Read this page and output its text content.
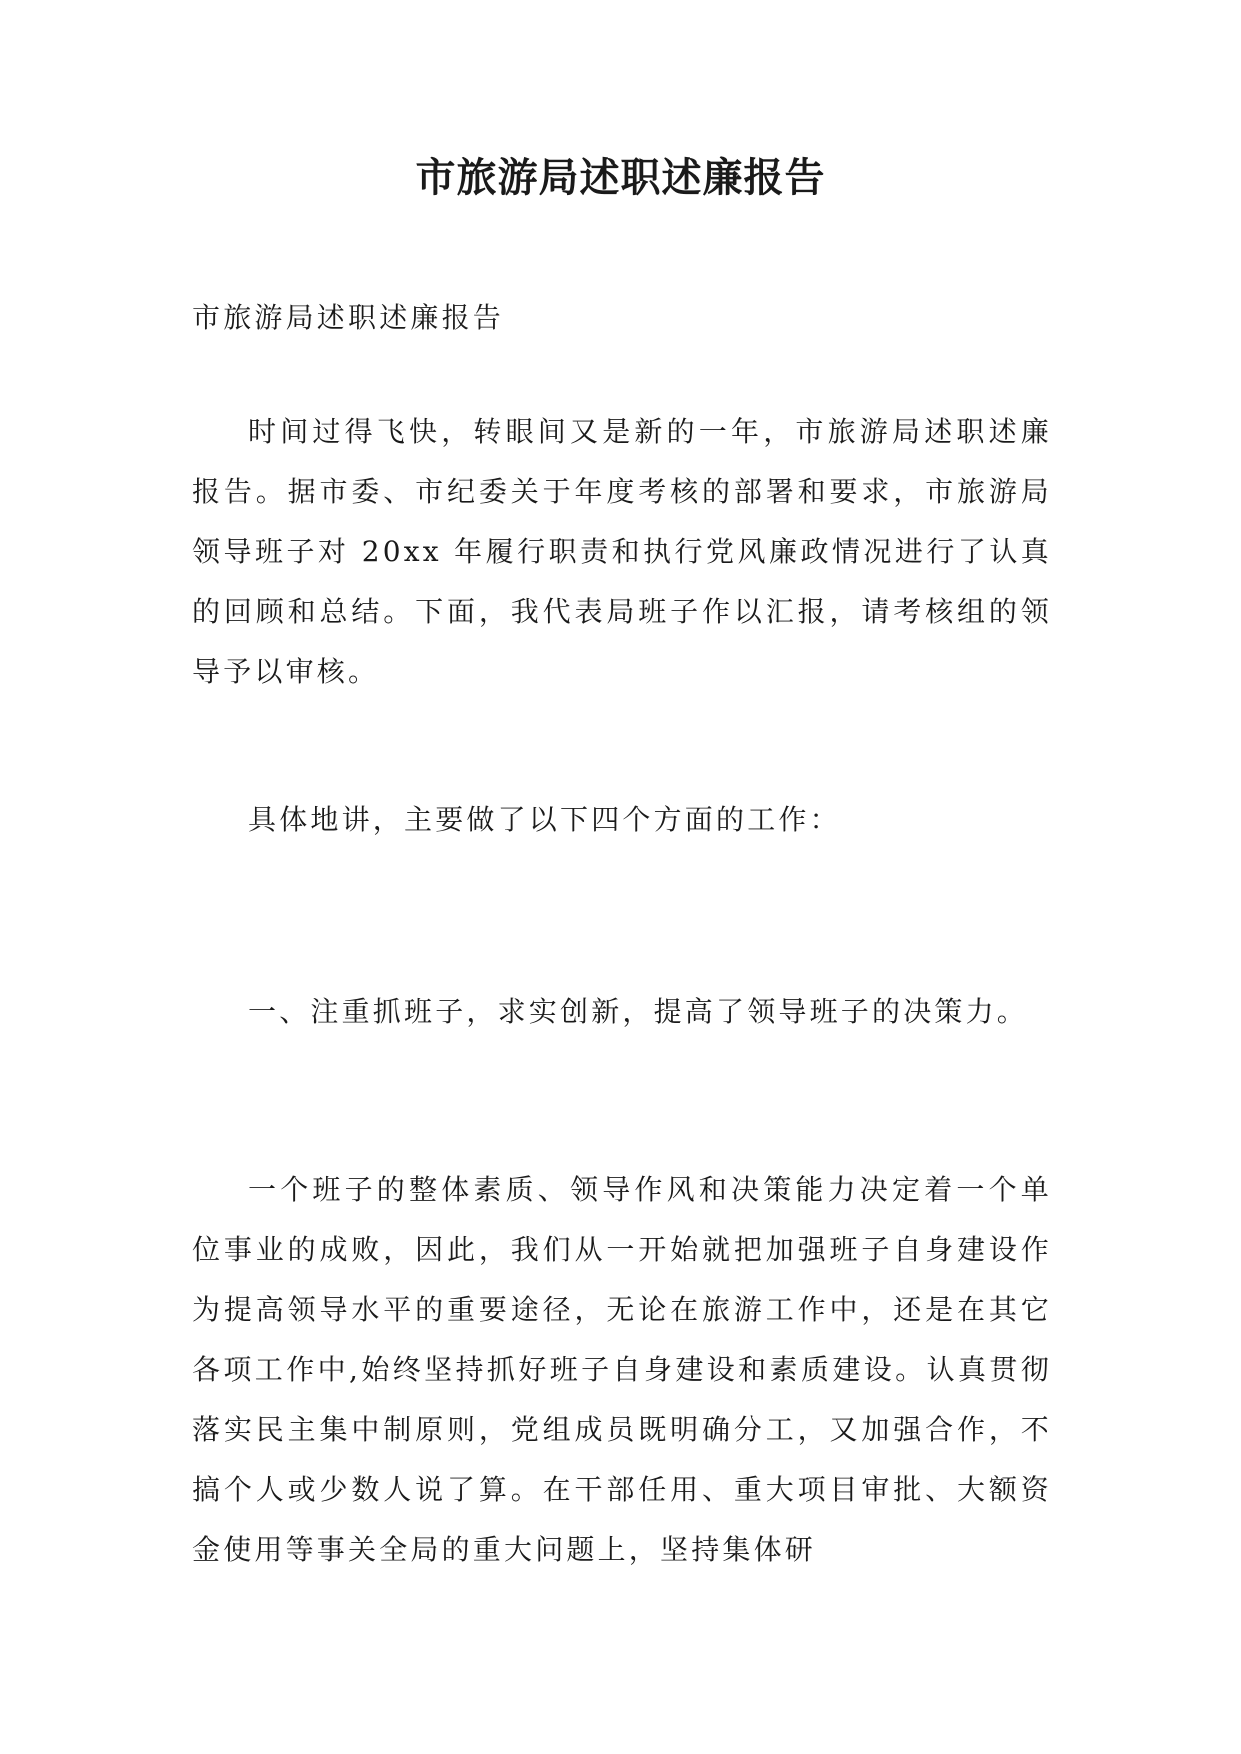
市旅游局述职述廉报告

市旅游局述职述廉报告

时间过得飞快，转眼间又是新的一年，市旅游局述职述廉报告。据市委、市纪委关于年度考核的部署和要求，市旅游局领导班子对 20xx 年履行职责和执行党风廉政情况进行了认真的回顾和总结。下面，我代表局班子作以汇报，请考核组的领导予以审核。

具体地讲，主要做了以下四个方面的工作：

一、注重抓班子，求实创新，提高了领导班子的决策力。

一个班子的整体素质、领导作风和决策能力决定着一个单位事业的成败，因此，我们从一开始就把加强班子自身建设作为提高领导水平的重要途径，无论在旅游工作中，还是在其它各项工作中,始终坚持抓好班子自身建设和素质建设。认真贯彻落实民主集中制原则，党组成员既明确分工，又加强合作，不搞个人或少数人说了算。在干部任用、重大项目审批、大额资金使用等事关全局的重大问题上，坚持集体研
